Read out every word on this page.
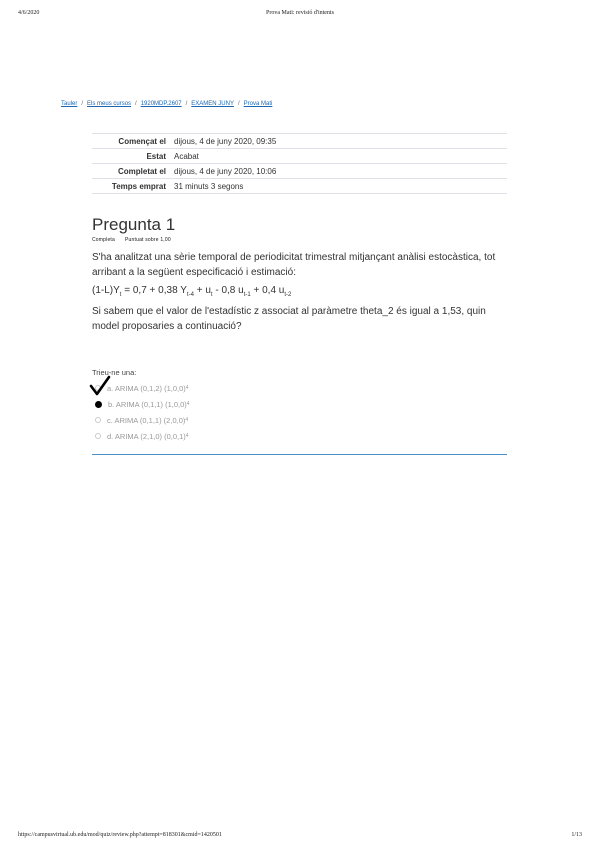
4/6/2020	Prova Mati: revisió d'intents
Tauler / Els meus cursos / 1920MDP.2607 / EXAMEN JUNY / Prova Mati
Començat el	dijous, 4 de juny 2020, 09:35
Estat	Acabat
Completat el	dijous, 4 de juny 2020, 10:06
Temps emprat	31 minuts 3 segons
Pregunta 1
Completa Puntuat sobre 1,00
S'ha analitzat una sèrie temporal de periodicitat trimestral mitjançant anàlisi estocàstica, tot arribant a la següent especificació i estimació:
$(1-L)Y_t = 0,7 + 0,38$ $Y_{t-4} + u_t - 0,8$ $u_{t-1} + 0,4$ $u_{t-2}$
Si sabem que el valor de l'estadístic z associat al paràmetre theta_2 és igual a 1,53, quin model proposaries a continuació?
Trieu-ne una:
a. ARIMA (0,1,2) (1,0,0) 4
b. ARIMA (0,1,1) (1,0,0) 4
c. ARIMA (0,1,1) (2,0,0) 4
d. ARIMA (2,1,0) (0,0,1) 4
https://campusvirtual.ub.edu/mod/quiz/review.php?attempt=818301&cmid=1420501	1/13
